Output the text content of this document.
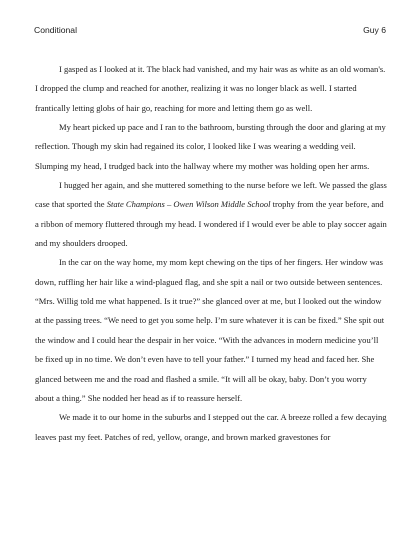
Conditional	Guy 6

I gasped as I looked at it. The black had vanished, and my hair was as white as an old woman's. I dropped the clump and reached for another, realizing it was no longer black as well. I started frantically letting globs of hair go, reaching for more and letting them go as well.

My heart picked up pace and I ran to the bathroom, bursting through the door and glaring at my reflection. Though my skin had regained its color, I looked like I was wearing a wedding veil. Slumping my head, I trudged back into the hallway where my mother was holding open her arms.

I hugged her again, and she muttered something to the nurse before we left. We passed the glass case that sported the State Champions – Owen Wilson Middle School trophy from the year before, and a ribbon of memory fluttered through my head. I wondered if I would ever be able to play soccer again and my shoulders drooped.

In the car on the way home, my mom kept chewing on the tips of her fingers. Her window was down, ruffling her hair like a wind-plagued flag, and she spit a nail or two outside between sentences. “Mrs. Willig told me what happened. Is it true?” she glanced over at me, but I looked out the window at the passing trees. “We need to get you some help. I’m sure whatever it is can be fixed.” She spit out the window and I could hear the despair in her voice. “With the advances in modern medicine you’ll be fixed up in no time. We don’t even have to tell your father.” I turned my head and faced her. She glanced between me and the road and flashed a smile. “It will all be okay, baby. Don’t you worry about a thing.” She nodded her head as if to reassure herself.

We made it to our home in the suburbs and I stepped out the car. A breeze rolled a few decaying leaves past my feet. Patches of red, yellow, orange, and brown marked gravestones for
